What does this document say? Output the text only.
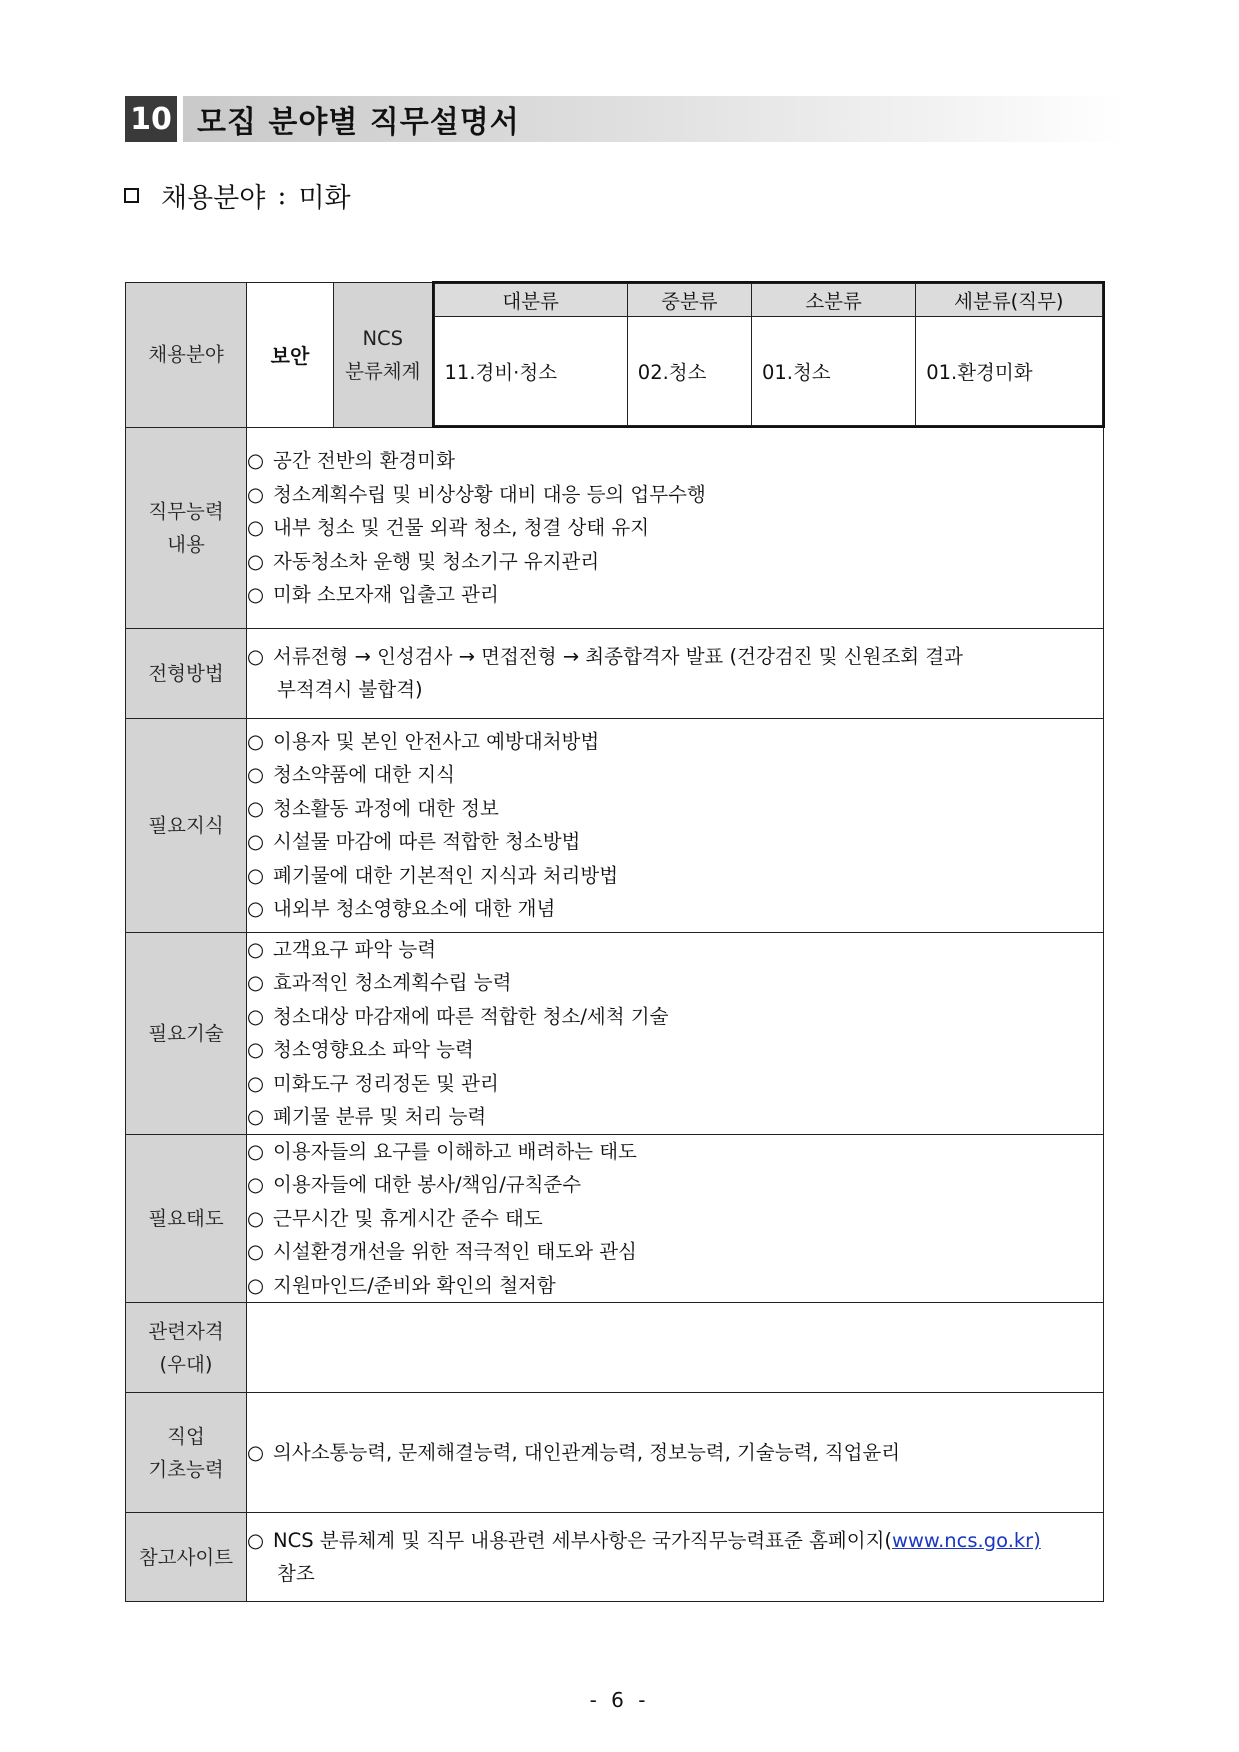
10 모집 분야별 직무설명서
채용분야 : 미화
채용분야	보안	
NCS
분류체계

대분류	중분류	소분류	세분류(직무)
11.경비·청소	02.청소	01.청소	01.환경미화

직무능력
내용

○ 공간 전반의 환경미화
○ 청소계획수립 및 비상상황 대비 대응 등의 업무수행
○ 내부 청소 및 건물 외곽 청소, 청결 상태 유지
○ 자동청소차 운행 및 청소기구 유지관리
○ 미화 소모자재 입출고 관리

전형방법	
○ 서류전형 → 인성검사 → 면접전형 → 최종합격자 발표 (건강검진 및 신원조회 결과
부적격시 불합격)

필요지식	
○ 이용자 및 본인 안전사고 예방대처방법
○ 청소약품에 대한 지식
○ 청소활동 과정에 대한 정보
○ 시설물 마감에 따른 적합한 청소방법
○ 폐기물에 대한 기본적인 지식과 처리방법
○ 내외부 청소영향요소에 대한 개념

필요기술	
○ 고객요구 파악 능력
○ 효과적인 청소계획수립 능력
○ 청소대상 마감재에 따른 적합한 청소/세척 기술
○ 청소영향요소 파악 능력
○ 미화도구 정리정돈 및 관리
○ 폐기물 분류 및 처리 능력

필요태도	
○ 이용자들의 요구를 이해하고 배려하는 태도
○ 이용자들에 대한 봉사/책임/규칙준수
○ 근무시간 및 휴게시간 준수 태도
○ 시설환경개선을 위한 적극적인 태도와 관심
○ 지원마인드/준비와 확인의 철저함

관련자격
(우대)

직업
기초능력

○ 의사소통능력, 문제해결능력, 대인관계능력, 정보능력, 기술능력, 직업윤리

참고사이트	
○ NCS 분류체계 및 직무 내용관련 세부사항은 국가직무능력표준 홈페이지(www.ncs.go.kr)
참조
- 6 -
